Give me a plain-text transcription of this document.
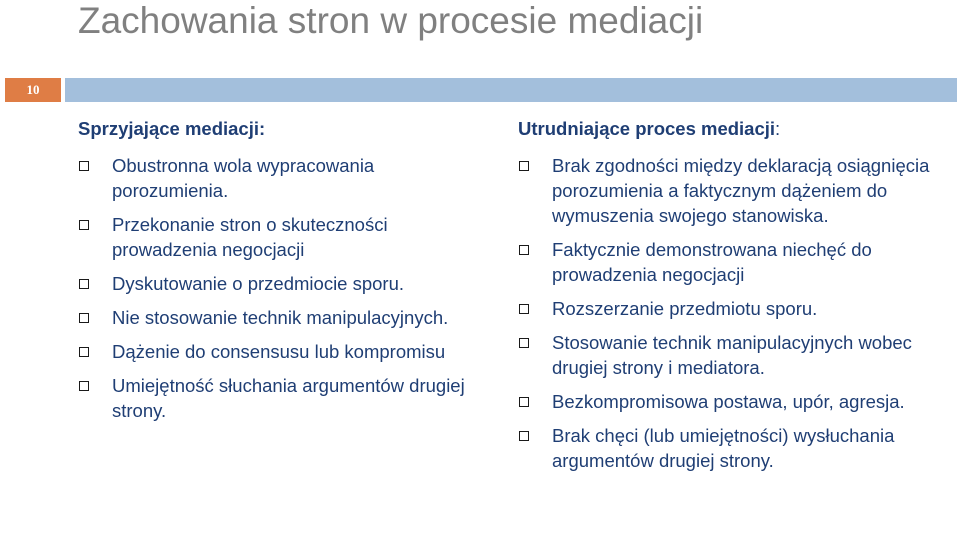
Zachowania stron w procesie mediacji
10
Sprzyjające mediacji:
Obustronna wola wypracowania porozumienia.
Przekonanie stron o skuteczności prowadzenia negocjacji
Dyskutowanie o przedmiocie sporu.
Nie stosowanie technik manipulacyjnych.
Dążenie do consensusu lub kompromisu
Umiejętność słuchania argumentów drugiej strony.
Utrudniające proces mediacji:
Brak zgodności między deklaracją osiągnięcia porozumienia a faktycznym dążeniem do wymuszenia swojego stanowiska.
Faktycznie demonstrowana niechęć do prowadzenia negocjacji
Rozszerzanie przedmiotu sporu.
Stosowanie technik manipulacyjnych wobec drugiej strony i mediatora.
Bezkompromisowa postawa, upór, agresja.
Brak chęci (lub umiejętności) wysłuchania argumentów drugiej strony.
